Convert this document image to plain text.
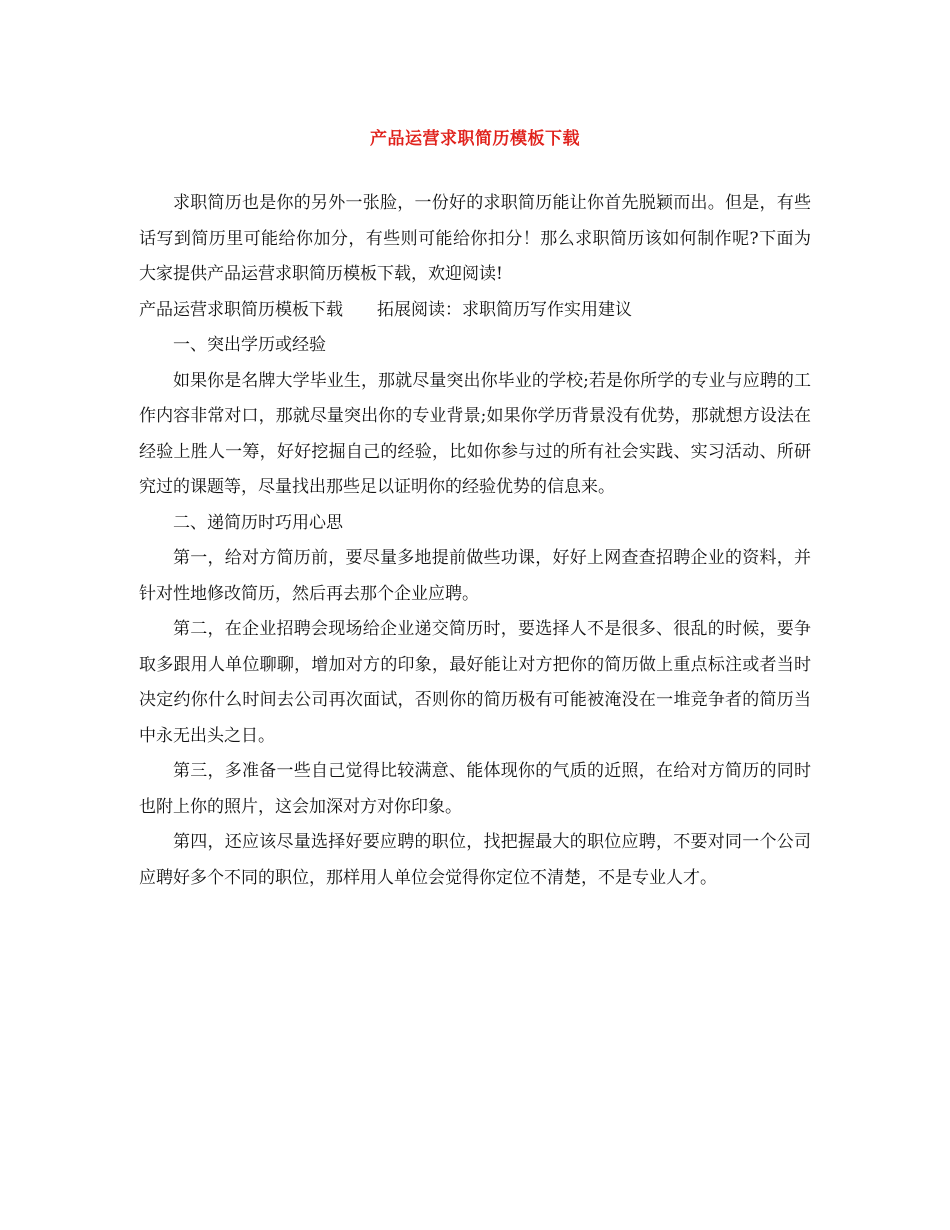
产品运营求职简历模板下载

求职简历也是你的另外一张脸，一份好的求职简历能让你首先脱颖而出。但是，有些话写到简历里可能给你加分，有些则可能给你扣分！那么求职简历该如何制作呢?下面为大家提供产品运营求职简历模板下载，欢迎阅读!

产品运营求职简历模板下载 拓展阅读：求职简历写作实用建议

一、突出学历或经验

如果你是名牌大学毕业生，那就尽量突出你毕业的学校;若是你所学的专业与应聘的工作内容非常对口，那就尽量突出你的专业背景;如果你学历背景没有优势，那就想方设法在经验上胜人一筹，好好挖掘自己的经验，比如你参与过的所有社会实践、实习活动、所研究过的课题等，尽量找出那些足以证明你的经验优势的信息来。

二、递简历时巧用心思

第一，给对方简历前，要尽量多地提前做些功课，好好上网查查招聘企业的资料，并针对性地修改简历，然后再去那个企业应聘。

第二，在企业招聘会现场给企业递交简历时，要选择人不是很多、很乱的时候，要争取多跟用人单位聊聊，增加对方的印象，最好能让对方把你的简历做上重点标注或者当时决定约你什么时间去公司再次面试，否则你的简历极有可能被淹没在一堆竞争者的简历当中永无出头之日。

第三，多准备一些自己觉得比较满意、能体现你的气质的近照，在给对方简历的同时也附上你的照片，这会加深对方对你印象。

第四，还应该尽量选择好要应聘的职位，找把握最大的职位应聘，不要对同一个公司应聘好多个不同的职位，那样用人单位会觉得你定位不清楚，不是专业人才。
